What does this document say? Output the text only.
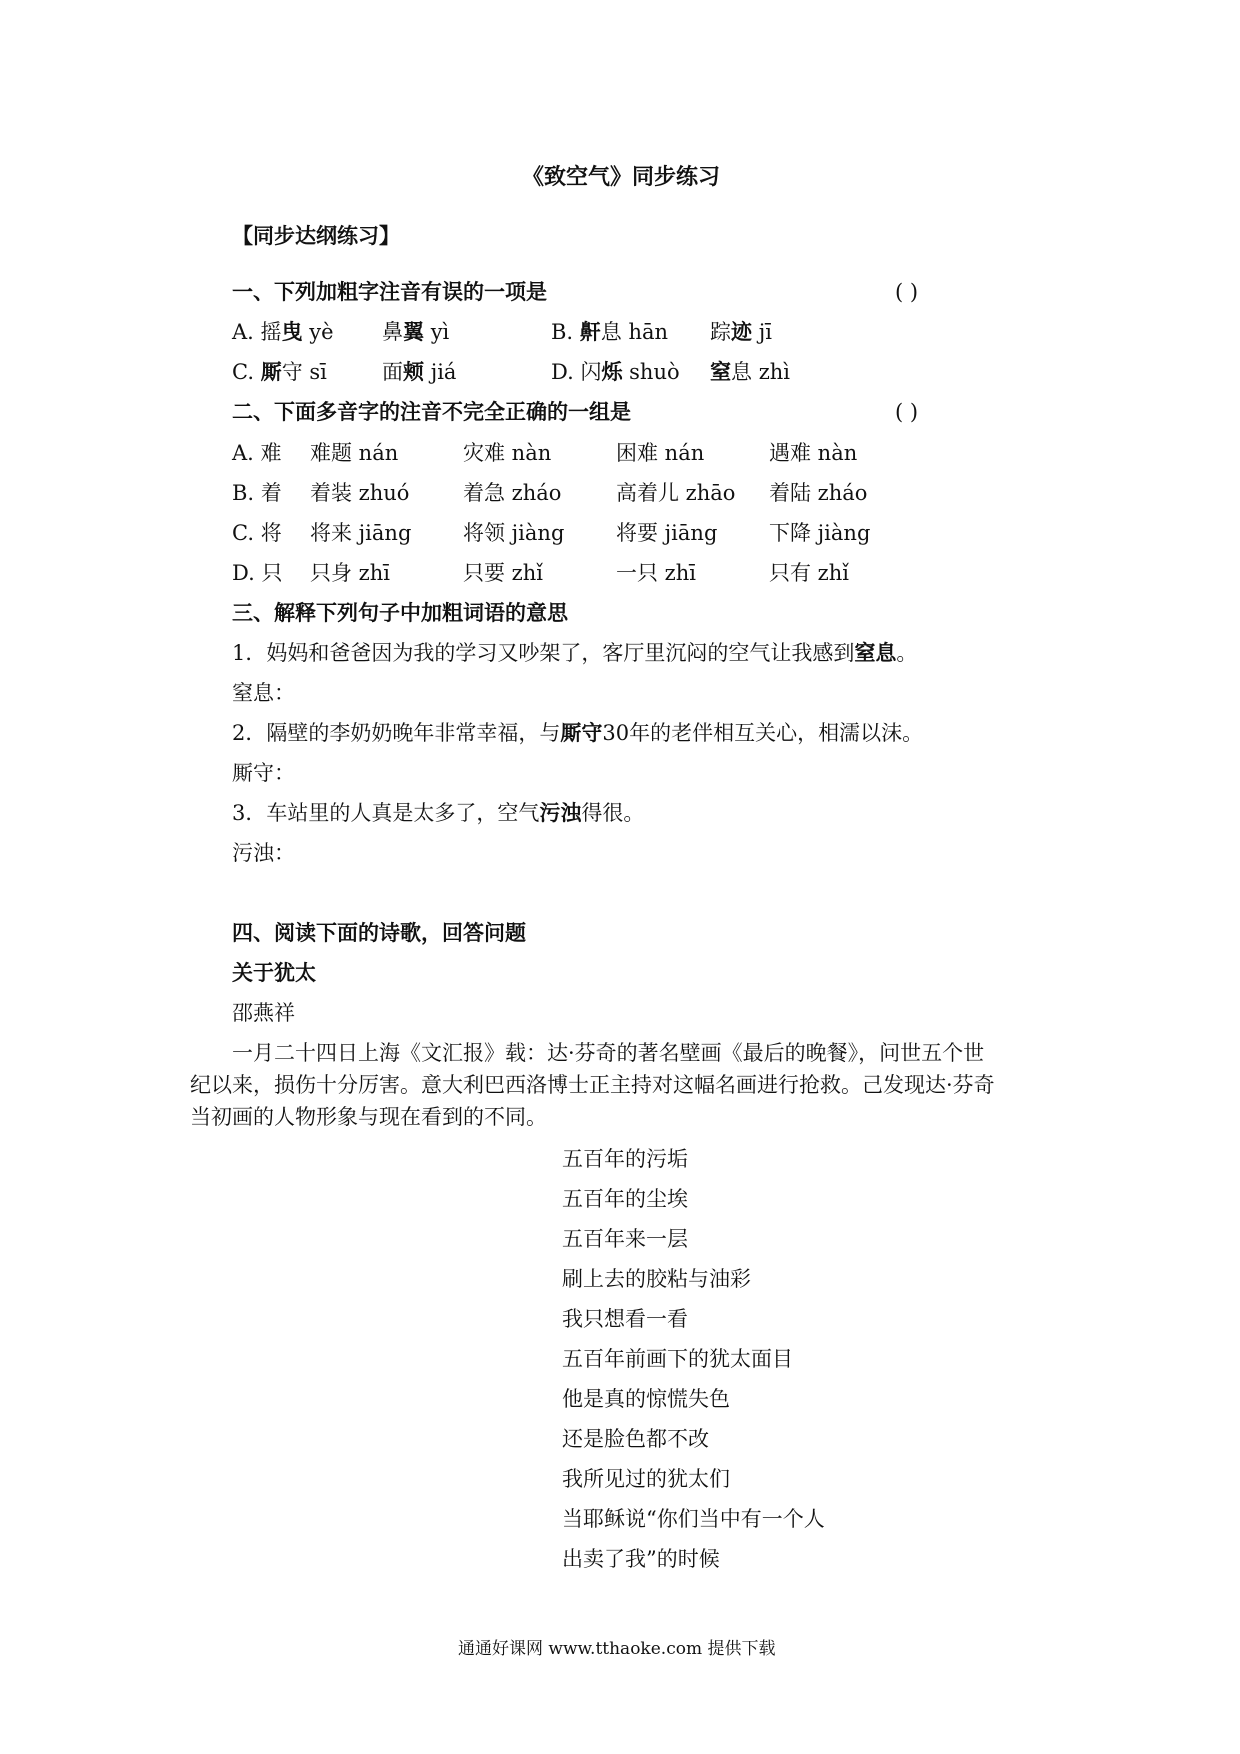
《致空气》同步练习
【同步达纲练习】
一、下列加粗字注音有误的一项是	( )
A. 摇曳 yè 鼻翼 yì	B. 鼾息 hān 踪迹 jī
C. 厮守 sī	面颊 jiá	D. 闪烁 shuò 窒息 zhì
二、下面多音字的注音不完全正确的一组是	( )
A. 难 难题 nán	灾难 nàn	困难 nán	遇难 nàn
B. 着 着装 zhuó	着急 zháo	高着儿 zhāo 着陆 zháo
C. 将 将来 jiāng 将领 jiàng 将要 jiāng 下降 jiàng
D. 只 只身 zhī	只要 zhǐ	一只 zhī	只有 zhǐ
三、解释下列句子中加粗词语的意思
1．妈妈和爸爸因为我的学习又吵架了，客厅里沉闷的空气让我感到窒息。
窒息：
2．隔壁的李奶奶晚年非常幸福，与厮守30年的老伴相互关心，相濡以沫。
厮守：
3．车站里的人真是太多了，空气污浊得很。
污浊：
四、阅读下面的诗歌，回答问题
关于犹太
邵燕祥
一月二十四日上海《文汇报》载：达·芬奇的著名壁画《最后的晚餐》，问世五个世
纪以来，损伤十分厉害。意大利巴西洛博士正主持对这幅名画进行抢救。己发现达·芬奇
当初画的人物形象与现在看到的不同。
五百年的污垢
五百年的尘埃
五百年来一层
刷上去的胶粘与油彩
我只想看一看
五百年前画下的犹太面目
他是真的惊慌失色
还是脸色都不改
我所见过的犹太们
当耶稣说“你们当中有一个人
出卖了我”的时候
通通好课网 www.tthaoke.com 提供下载
